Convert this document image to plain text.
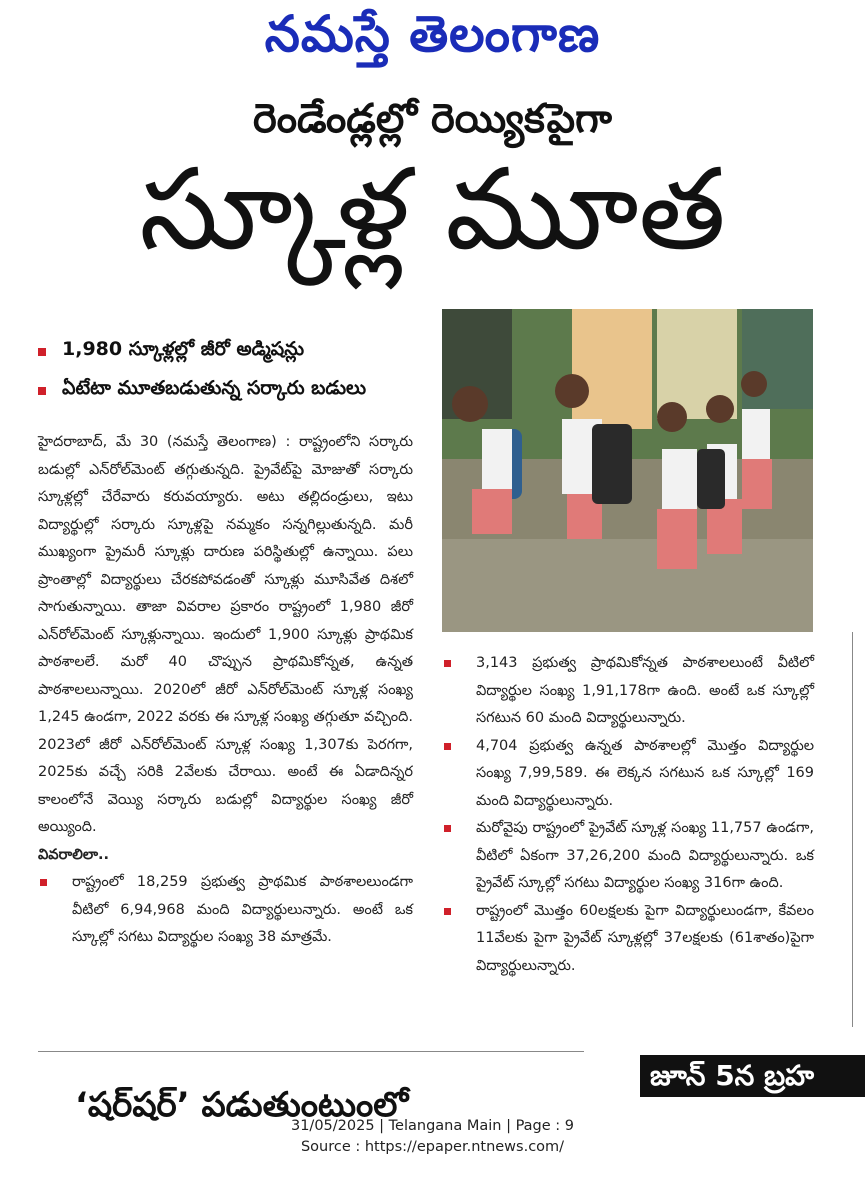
నమస్తే తెలంగాణ
రెండేండ్లల్లో రెయ్యికపైగా
స్కూళ్ల మూత
1,980 స్కూళ్లల్లో జీరో అడ్మిషన్లు
ఏటేటా మూతబడుతున్న సర్కారు బడులు

హైదరాబాద్, మే 30 (నమస్తే తెలంగాణ) : రాష్ట్రంలోని సర్కారు బడుల్లో ఎన్‌రోల్‌మెంట్ తగ్గుతున్నది. ప్రైవేట్‌పై మోజుతో సర్కారు స్కూళ్లల్లో చేరేవారు కరువయ్యారు. అటు తల్లిదండ్రులు, ఇటు విద్యార్థుల్లో సర్కారు స్కూళ్లపై నమ్మకం సన్నగిల్లుతున్నది. మరీ ముఖ్యంగా ప్రైమరీ స్కూళ్లు దారుణ పరిస్థితుల్లో ఉన్నాయి. పలు ప్రాంతాల్లో విద్యార్థులు చేరకపోవడంతో స్కూళ్లు మూసివేత దిశలో సాగుతున్నాయి. తాజా వివరాల ప్రకారం రాష్ట్రంలో 1,980 జీరో ఎన్‌రోల్‌మెంట్ స్కూళ్లున్నాయి. ఇందులో 1,900 స్కూళ్లు ప్రాథమిక పాఠశాలలే. మరో 40 చొప్పున ప్రాథమికోన్నత, ఉన్నత పాఠశాలలున్నాయి. 2020లో జీరో ఎన్‌రోల్‌మెంట్ స్కూళ్ల సంఖ్య 1,245 ఉండగా, 2022 వరకు ఈ స్కూళ్ల సంఖ్య తగ్గుతూ వచ్చింది. 2023లో జీరో ఎన్‌రోల్‌మెంట్ స్కూళ్ల సంఖ్య 1,307కు పెరగగా, 2025కు వచ్చే సరికి 2వేలకు చేరాయి. అంటే ఈ ఏడాదిన్నర కాలంలోనే వెయ్యి సర్కారు బడుల్లో విద్యార్థుల సంఖ్య జీరో అయ్యింది.

వివరాలిలా..

రాష్ట్రంలో 18,259 ప్రభుత్వ ప్రాథమిక పాఠశాలలుండగా వీటిలో 6,94,968 మంది విద్యార్థులున్నారు. అంటే ఒక స్కూల్లో సగటు విద్యార్థుల సంఖ్య 38 మాత్రమే.
3,143 ప్రభుత్వ ప్రాథమికోన్నత పాఠశాలలుంటే వీటిలో విద్యార్థుల సంఖ్య 1,91,178గా ఉంది. అంటే ఒక స్కూల్లో సగటున 60 మంది విద్యార్థులున్నారు.
4,704 ప్రభుత్వ ఉన్నత పాఠశాలల్లో మొత్తం విద్యార్థుల సంఖ్య 7,99,589. ఈ లెక్కన సగటున ఒక స్కూల్లో 169 మంది విద్యార్థులున్నారు.
మరోవైపు రాష్ట్రంలో ప్రైవేట్ స్కూళ్ల సంఖ్య 11,757 ఉండగా, వీటిలో ఏకంగా 37,26,200 మంది విద్యార్థులున్నారు. ఒక ప్రైవేట్ స్కూల్లో సగటు విద్యార్థుల సంఖ్య 316గా ఉంది.
రాష్ట్రంలో మొత్తం 60లక్షలకు పైగా విద్యార్థులుండగా, కేవలం 11వేలకు పైగా ప్రైవేట్ స్కూళ్లల్లో 37లక్షలకు (61శాతం)పైగా విద్యార్థులున్నారు.
‘షర్‌షర్’ పడుతుంటుంలో
జూన్ 5న బ్రహ
31/05/2025 | Telangana Main | Page : 9
Source : https://epaper.ntnews.com/
